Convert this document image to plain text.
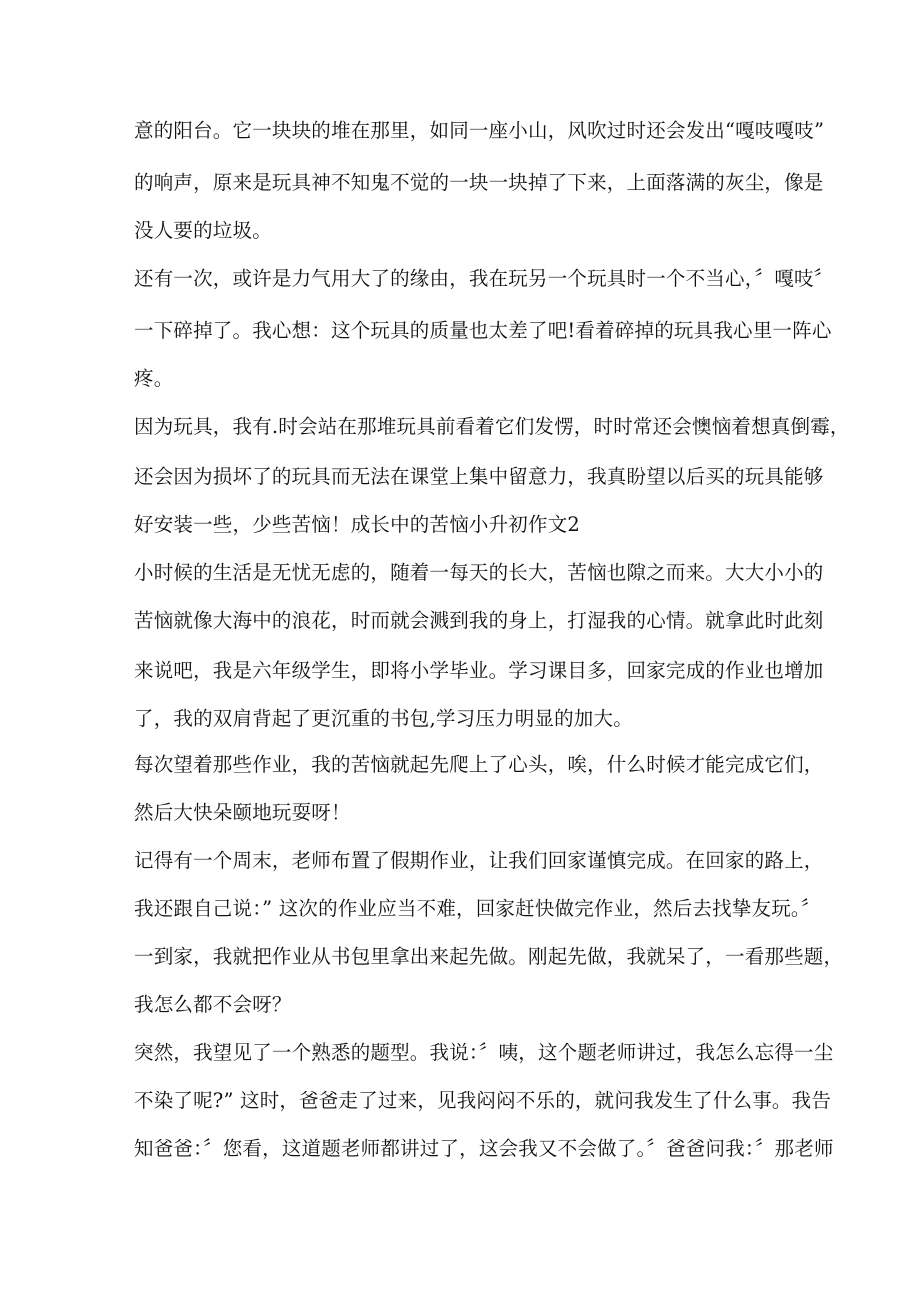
意的阳台。它一块块的堆在那里，如同一座小山，风吹过时还会发出“嘎吱嘎吱”
的响声，原来是玩具神不知鬼不觉的一块一块掉了下来，上面落满的灰尘，像是
没人要的垃圾。
还有一次，或许是力气用大了的缘由，我在玩另一个玩具时一个不当心，〞嘎吱〞
一下碎掉了。我心想：这个玩具的质量也太差了吧!看着碎掉的玩具我心里一阵心
疼。
因为玩具，我有.时会站在那堆玩具前看着它们发愣，时时常还会懊恼着想真倒霉，
还会因为损坏了的玩具而无法在课堂上集中留意力，我真盼望以后买的玩具能够
好安装一些，少些苦恼！成长中的苦恼小升初作文2
小时候的生活是无忧无虑的，随着一每天的长大，苦恼也隙之而来。大大小小的
苦恼就像大海中的浪花，时而就会溅到我的身上，打湿我的心情。就拿此时此刻
来说吧，我是六年级学生，即将小学毕业。学习课目多，回家完成的作业也增加
了，我的双肩背起了更沉重的书包,学习压力明显的加大。
每次望着那些作业，我的苦恼就起先爬上了心头，唉，什么时候才能完成它们，
然后大快朵颐地玩耍呀！
记得有一个周末，老师布置了假期作业，让我们回家谨慎完成。在回家的路上，
我还跟自己说：” 这次的作业应当不难，回家赶快做完作业，然后去找挚友玩。〞
一到家，我就把作业从书包里拿出来起先做。刚起先做，我就呆了，一看那些题，
我怎么都不会呀？
突然，我望见了一个熟悉的题型。我说：〞咦，这个题老师讲过，我怎么忘得一尘
不染了呢?” 这时，爸爸走了过来，见我闷闷不乐的，就问我发生了什么事。我告
知爸爸：〞您看，这道题老师都讲过了，这会我又不会做了。〞爸爸问我：〞那老师
